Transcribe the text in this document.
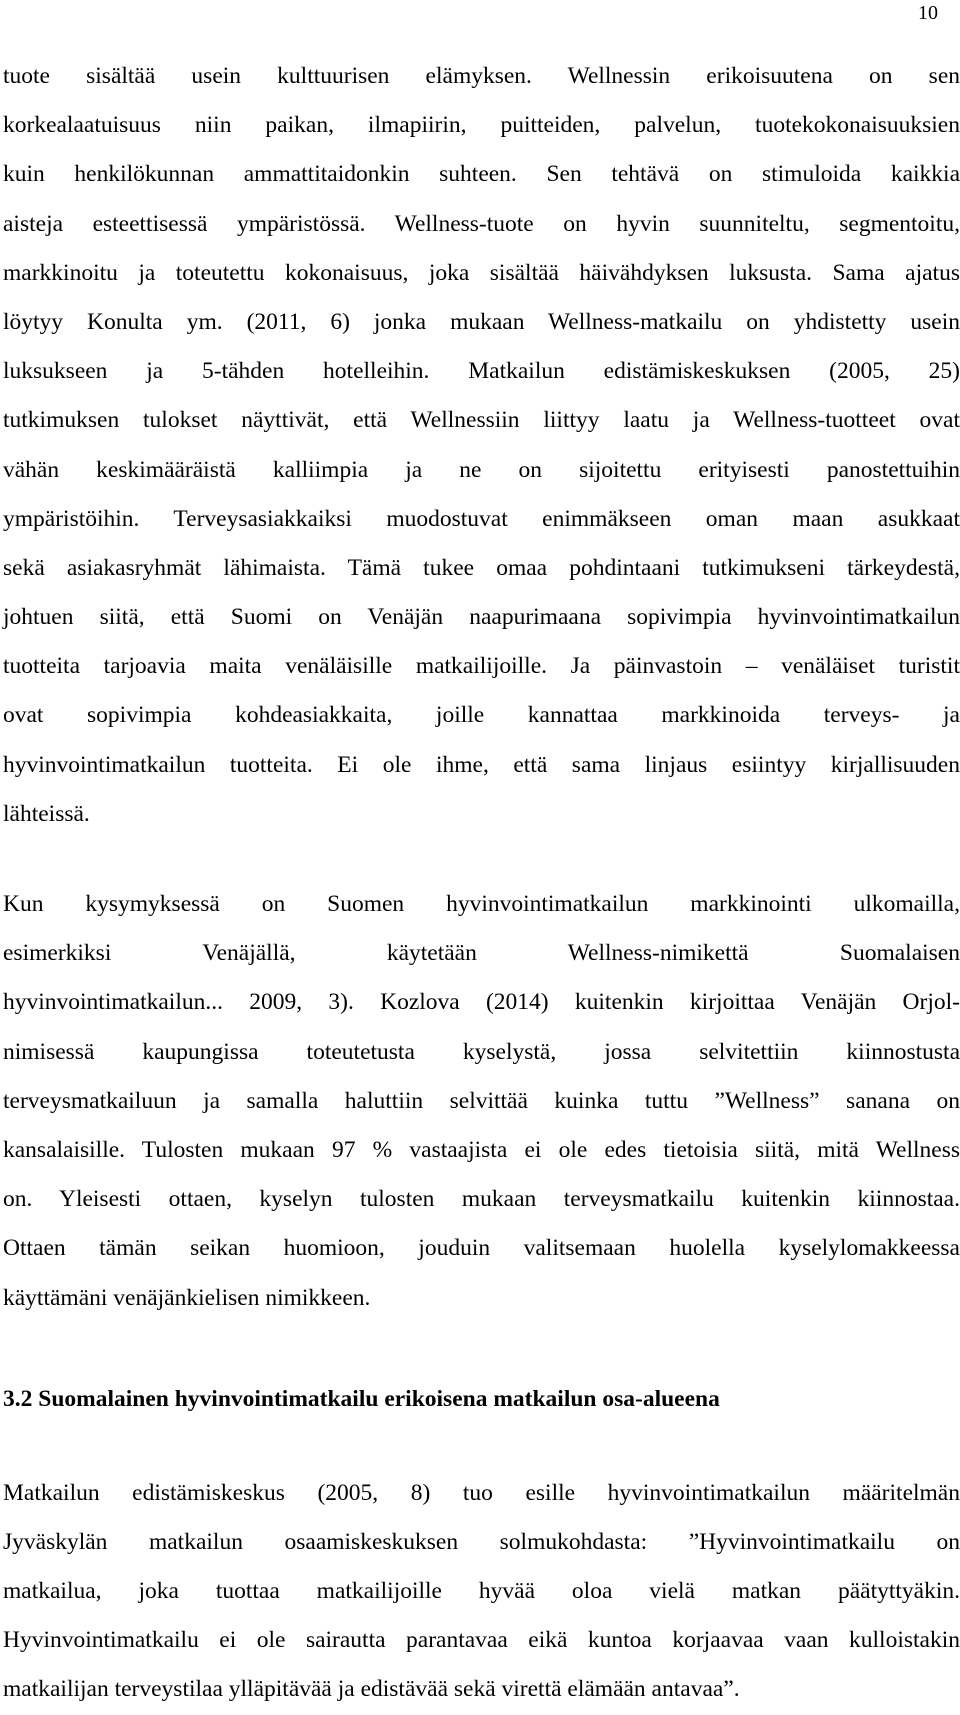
10
tuote sisältää usein kulttuurisen elämyksen. Wellnessin erikoisuutena on sen
korkealaatuisuus niin paikan, ilmapiirin, puitteiden, palvelun, tuotekokonaisuuksien
kuin henkilökunnan ammattitaidonkin suhteen. Sen tehtävä on stimuloida kaikkia
aisteja esteettisessä ympäristössä. Wellness-tuote on hyvin suunniteltu, segmentoitu,
markkinoitu ja toteutettu kokonaisuus, joka sisältää häivähdyksen luksusta. Sama ajatus
löytyy Konulta ym. (2011, 6) jonka mukaan Wellness-matkailu on yhdistetty usein
luksukseen ja 5-tähden hotelleihin. Matkailun edistämiskeskuksen (2005, 25)
tutkimuksen tulokset näyttivät, että Wellnessiin liittyy laatu ja Wellness-tuotteet ovat
vähän keskimääräistä kalliimpia ja ne on sijoitettu erityisesti panostettuihin
ympäristöihin. Terveysasiakkaiksi muodostuvat enimmäkseen oman maan asukkaat
sekä asiakasryhmät lähimaista. Tämä tukee omaa pohdintaani tutkimukseni tärkeydestä,
johtuen siitä, että Suomi on Venäjän naapurimaana sopivimpia hyvinvointimatkailun
tuotteita tarjoavia maita venäläisille matkailijoille. Ja päinvastoin – venäläiset turistit
ovat sopivimpia kohdeasiakkaita, joille kannattaa markkinoida terveys- ja
hyvinvointimatkailun tuotteita. Ei ole ihme, että sama linjaus esiintyy kirjallisuuden
lähteissä.
Kun kysymyksessä on Suomen hyvinvointimatkailun markkinointi ulkomailla,
esimerkiksi Venäjällä, käytetään Wellness-nimikettä Suomalaisen
hyvinvointimatkailun... 2009, 3). Kozlova (2014) kuitenkin kirjoittaa Venäjän Orjol-
nimisessä kaupungissa toteutetusta kyselystä, jossa selvitettiin kiinnostusta
terveysmatkailuun ja samalla haluttiin selvittää kuinka tuttu ”Wellness” sanana on
kansalaisille. Tulosten mukaan 97 % vastaajista ei ole edes tietoisia siitä, mitä Wellness
on. Yleisesti ottaen, kyselyn tulosten mukaan terveysmatkailu kuitenkin kiinnostaa.
Ottaen tämän seikan huomioon, jouduin valitsemaan huolella kyselylomakkeessa
käyttämäni venäjänkielisen nimikkeen.
3.2 Suomalainen hyvinvointimatkailu erikoisena matkailun osa-alueena
Matkailun edistämiskeskus (2005, 8) tuo esille hyvinvointimatkailun määritelmän
Jyväskylän matkailun osaamiskeskuksen solmukohdasta: ”Hyvinvointimatkailu on
matkailua, joka tuottaa matkailijoille hyvää oloa vielä matkan päätyttyäkin.
Hyvinvointimatkailu ei ole sairautta parantavaa eikä kuntoa korjaavaa vaan kulloistakin
matkailijan terveystilaa ylläpitävää ja edistävää sekä virettä elämään antavaa”.
